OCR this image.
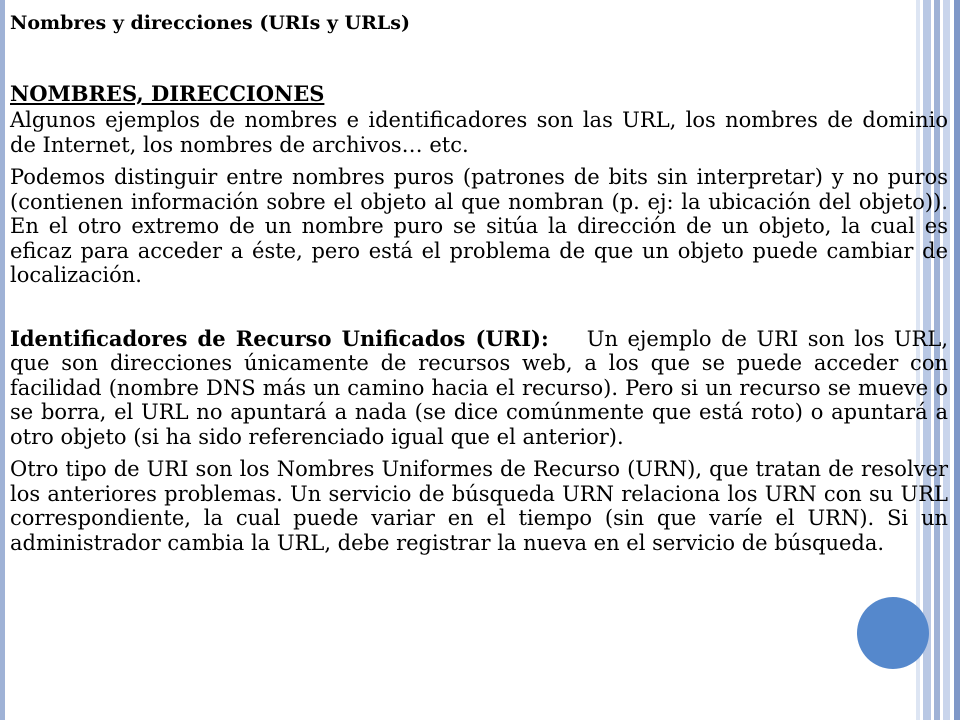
Nombres y direcciones (URIs y URLs)
NOMBRES, DIRECCIONES

Algunos ejemplos de nombres e identificadores son las URL, los nombres de dominio de Internet, los nombres de archivos… etc.

Podemos distinguir entre nombres puros (patrones de bits sin interpretar) y no puros (contienen información sobre el objeto al que nombran (p. ej: la ubicación del objeto)). En el otro extremo de un nombre puro se sitúa la dirección de un objeto, la cual es eficaz para acceder a éste, pero está el problema de que un objeto puede cambiar de localización.

Identificadores de Recurso Unificados (URI): Un ejemplo de URI son los URL, que son direcciones únicamente de recursos web, a los que se puede acceder con facilidad (nombre DNS más un camino hacia el recurso). Pero si un recurso se mueve o se borra, el URL no apuntará a nada (se dice comúnmente que está roto) o apuntará a otro objeto (si ha sido referenciado igual que el anterior).

Otro tipo de URI son los Nombres Uniformes de Recurso (URN), que tratan de resolver los anteriores problemas. Un servicio de búsqueda URN relaciona los URN con su URL correspondiente, la cual puede variar en el tiempo (sin que varíe el URN). Si un administrador cambia la URL, debe registrar la nueva en el servicio de búsqueda.
